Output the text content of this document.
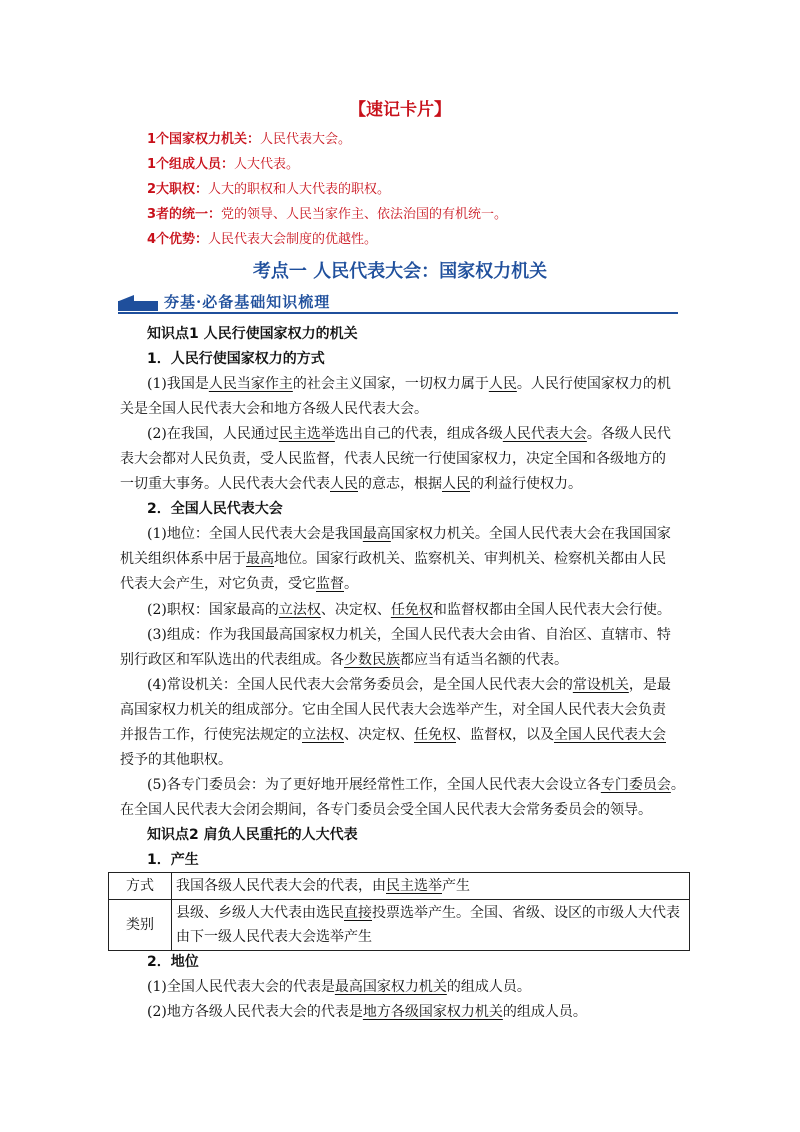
【速记卡片】
1个国家权力机关：人民代表大会。
1个组成人员：人大代表。
2大职权：人大的职权和人大代表的职权。
3者的统一：党的领导、人民当家作主、依法治国的有机统一。
4个优势：人民代表大会制度的优越性。
考点一 人民代表大会：国家权力机关
夯基·必备基础知识梳理
知识点1 人民行使国家权力的机关
1．人民行使国家权力的方式
(1)我国是人民当家作主的社会主义国家，一切权力属于人民。人民行使国家权力的机
关是全国人民代表大会和地方各级人民代表大会。
(2)在我国，人民通过民主选举选出自己的代表，组成各级人民代表大会。各级人民代
表大会都对人民负责，受人民监督，代表人民统一行使国家权力，决定全国和各级地方的
一切重大事务。人民代表大会代表人民的意志，根据人民的利益行使权力。
2．全国人民代表大会
(1)地位：全国人民代表大会是我国最高国家权力机关。全国人民代表大会在我国国家
机关组织体系中居于最高地位。国家行政机关、监察机关、审判机关、检察机关都由人民
代表大会产生，对它负责，受它监督。
(2)职权：国家最高的立法权、决定权、任免权和监督权都由全国人民代表大会行使。
(3)组成：作为我国最高国家权力机关，全国人民代表大会由省、自治区、直辖市、特
别行政区和军队选出的代表组成。各少数民族都应当有适当名额的代表。
(4)常设机关：全国人民代表大会常务委员会，是全国人民代表大会的常设机关，是最
高国家权力机关的组成部分。它由全国人民代表大会选举产生，对全国人民代表大会负责
并报告工作，行使宪法规定的立法权、决定权、任免权、监督权，以及全国人民代表大会
授予的其他职权。
(5)各专门委员会：为了更好地开展经常性工作，全国人民代表大会设立各专门委员会。
在全国人民代表大会闭会期间，各专门委员会受全国人民代表大会常务委员会的领导。
知识点2 肩负人民重托的人大代表
1．产生
方式	我国各级人民代表大会的代表，由民主选举产生
类别	县级、乡级人大代表由选民直接投票选举产生。全国、省级、设区的市级人大代表
由下一级人民代表大会选举产生
2．地位
(1)全国人民代表大会的代表是最高国家权力机关的组成人员。
(2)地方各级人民代表大会的代表是地方各级国家权力机关的组成人员。
